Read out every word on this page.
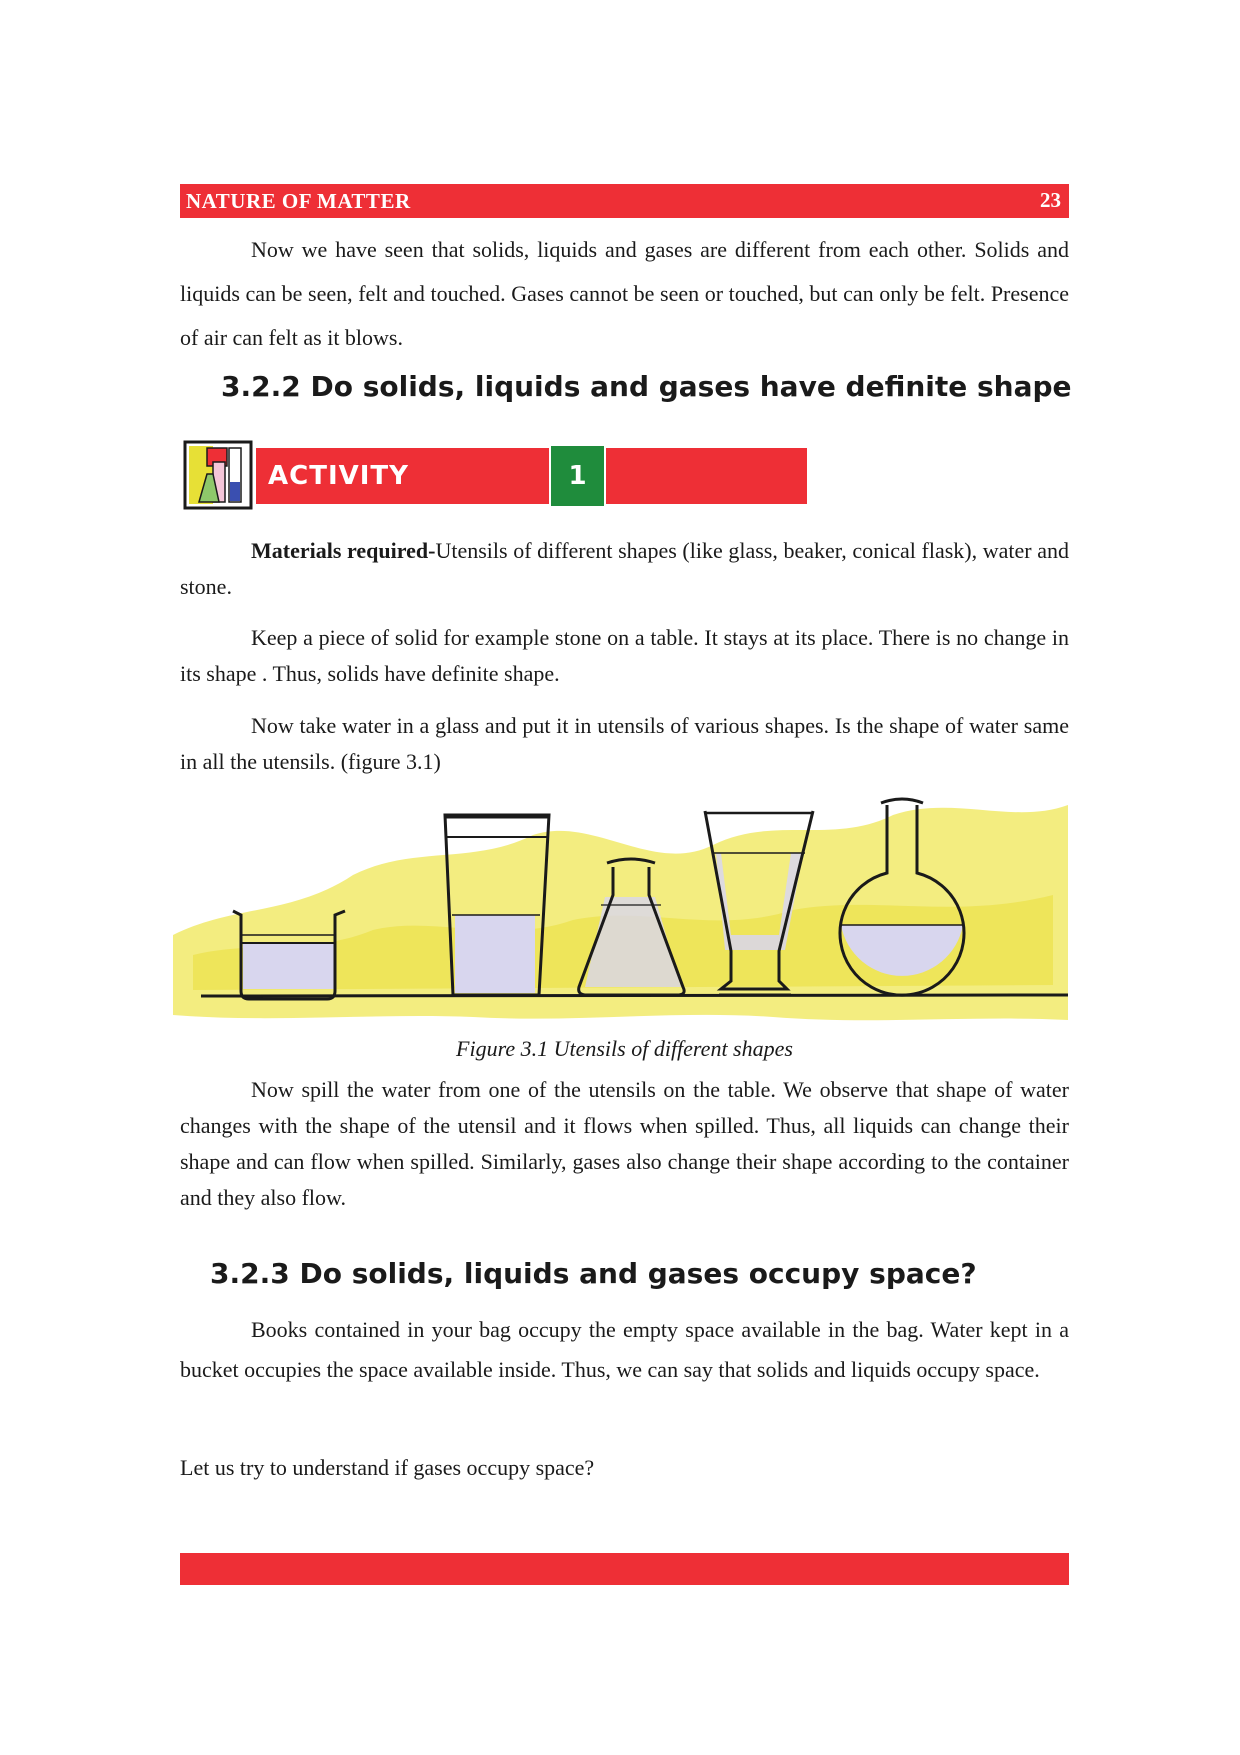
NATURE OF MATTER	23

Now we have seen that solids, liquids and gases are different from each other. Solids and liquids can be seen, felt and touched. Gases cannot be seen or touched, but can only be felt. Presence of air can felt as it blows.

3.2.2 Do solids, liquids and gases have definite shape
ACTIVITY	1

Materials required-Utensils of different shapes (like glass, beaker, conical flask), water and stone.

Keep a piece of solid for example stone on a table. It stays at its place. There is no change in its shape . Thus, solids have definite shape.

Now take water in a glass and put it in utensils of various shapes. Is the shape of water same in all the utensils. (figure 3.1)

Figure 3.1 Utensils of different shapes

Now spill the water from one of the utensils on the table. We observe that shape of water changes with the shape of the utensil and it flows when spilled. Thus, all liquids can change their shape and can flow when spilled. Similarly, gases also change their shape according to the container and they also flow.

3.2.3 Do solids, liquids and gases occupy space?

Books contained in your bag occupy the empty space available in the bag. Water kept in a bucket occupies the space available inside. Thus, we can say that solids and liquids occupy space.

Let us try to understand if gases occupy space?
